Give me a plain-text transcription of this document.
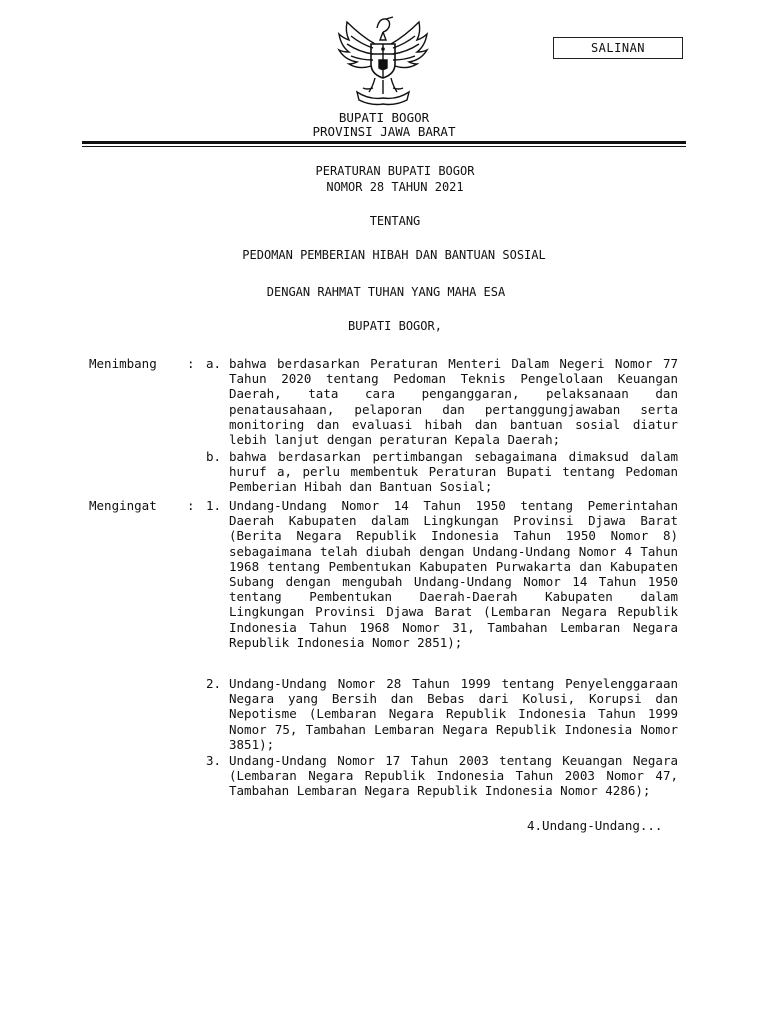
SALINAN
BUPATI BOGOR
PROVINSI JAWA BARAT
PERATURAN BUPATI BOGOR
NOMOR 28 TAHUN 2021
TENTANG
PEDOMAN PEMBERIAN HIBAH DAN BANTUAN SOSIAL
DENGAN RAHMAT TUHAN YANG MAHA ESA
BUPATI BOGOR,
Menimbang : a. bahwa berdasarkan Peraturan Menteri Dalam Negeri Nomor 77 Tahun 2020 tentang Pedoman Teknis Pengelolaan Keuangan Daerah, tata cara penganggaran, pelaksanaan dan penatausahaan, pelaporan dan pertanggungjawaban serta monitoring dan evaluasi hibah dan bantuan sosial diatur lebih lanjut dengan peraturan Kepala Daerah;
b. bahwa berdasarkan pertimbangan sebagaimana dimaksud dalam huruf a, perlu membentuk Peraturan Bupati tentang Pedoman Pemberian Hibah dan Bantuan Sosial;
Mengingat : 1. Undang-Undang Nomor 14 Tahun 1950 tentang Pemerintahan Daerah Kabupaten dalam Lingkungan Provinsi Djawa Barat (Berita Negara Republik Indonesia Tahun 1950 Nomor 8) sebagaimana telah diubah dengan Undang-Undang Nomor 4 Tahun 1968 tentang Pembentukan Kabupaten Purwakarta dan Kabupaten Subang dengan mengubah Undang-Undang Nomor 14 Tahun 1950 tentang Pembentukan Daerah-Daerah Kabupaten dalam Lingkungan Provinsi Djawa Barat (Lembaran Negara Republik Indonesia Tahun 1968 Nomor 31, Tambahan Lembaran Negara Republik Indonesia Nomor 2851);
2. Undang-Undang Nomor 28 Tahun 1999 tentang Penyelenggaraan Negara yang Bersih dan Bebas dari Kolusi, Korupsi dan Nepotisme (Lembaran Negara Republik Indonesia Tahun 1999 Nomor 75, Tambahan Lembaran Negara Republik Indonesia Nomor 3851);
3. Undang-Undang Nomor 17 Tahun 2003 tentang Keuangan Negara (Lembaran Negara Republik Indonesia Tahun 2003 Nomor 47, Tambahan Lembaran Negara Republik Indonesia Nomor 4286);
4.Undang-Undang...
